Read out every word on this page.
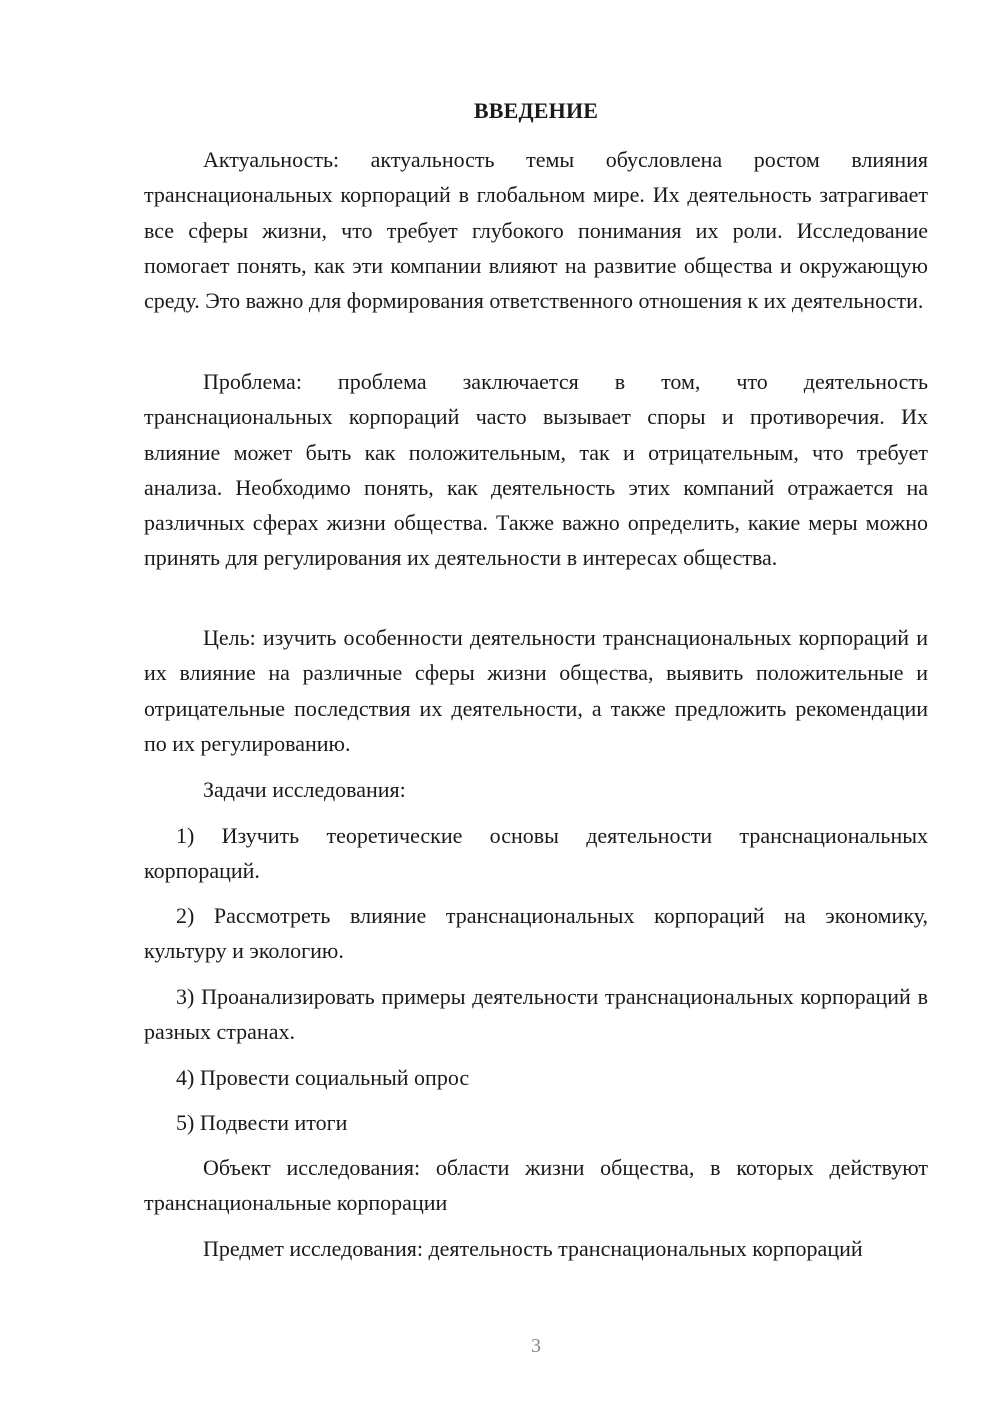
ВВЕДЕНИЕ

Актуальность: актуальность темы обусловлена ростом влияния транснациональных корпораций в глобальном мире. Их деятельность затрагивает все сферы жизни, что требует глубокого понимания их роли. Исследование помогает понять, как эти компании влияют на развитие общества и окружающую среду. Это важно для формирования ответственного отношения к их деятельности.

Проблема: проблема заключается в том, что деятельность транснациональных корпораций часто вызывает споры и противоречия. Их влияние может быть как положительным, так и отрицательным, что требует анализа. Необходимо понять, как деятельность этих компаний отражается на различных сферах жизни общества. Также важно определить, какие меры можно принять для регулирования их деятельности в интересах общества.

Цель: изучить особенности деятельности транснациональных корпораций и их влияние на различные сферы жизни общества, выявить положительные и отрицательные последствия их деятельности, а также предложить рекомендации по их регулированию.

Задачи исследования:

1) Изучить теоретические основы деятельности транснациональных корпораций.

2) Рассмотреть влияние транснациональных корпораций на экономику, культуру и экологию.

3) Проанализировать примеры деятельности транснациональных корпораций в разных странах.

4) Провести социальный опрос

5) Подвести итоги

Объект исследования: области жизни общества, в которых действуют транснациональные корпорации

Предмет исследования: деятельность транснациональных корпораций

3
